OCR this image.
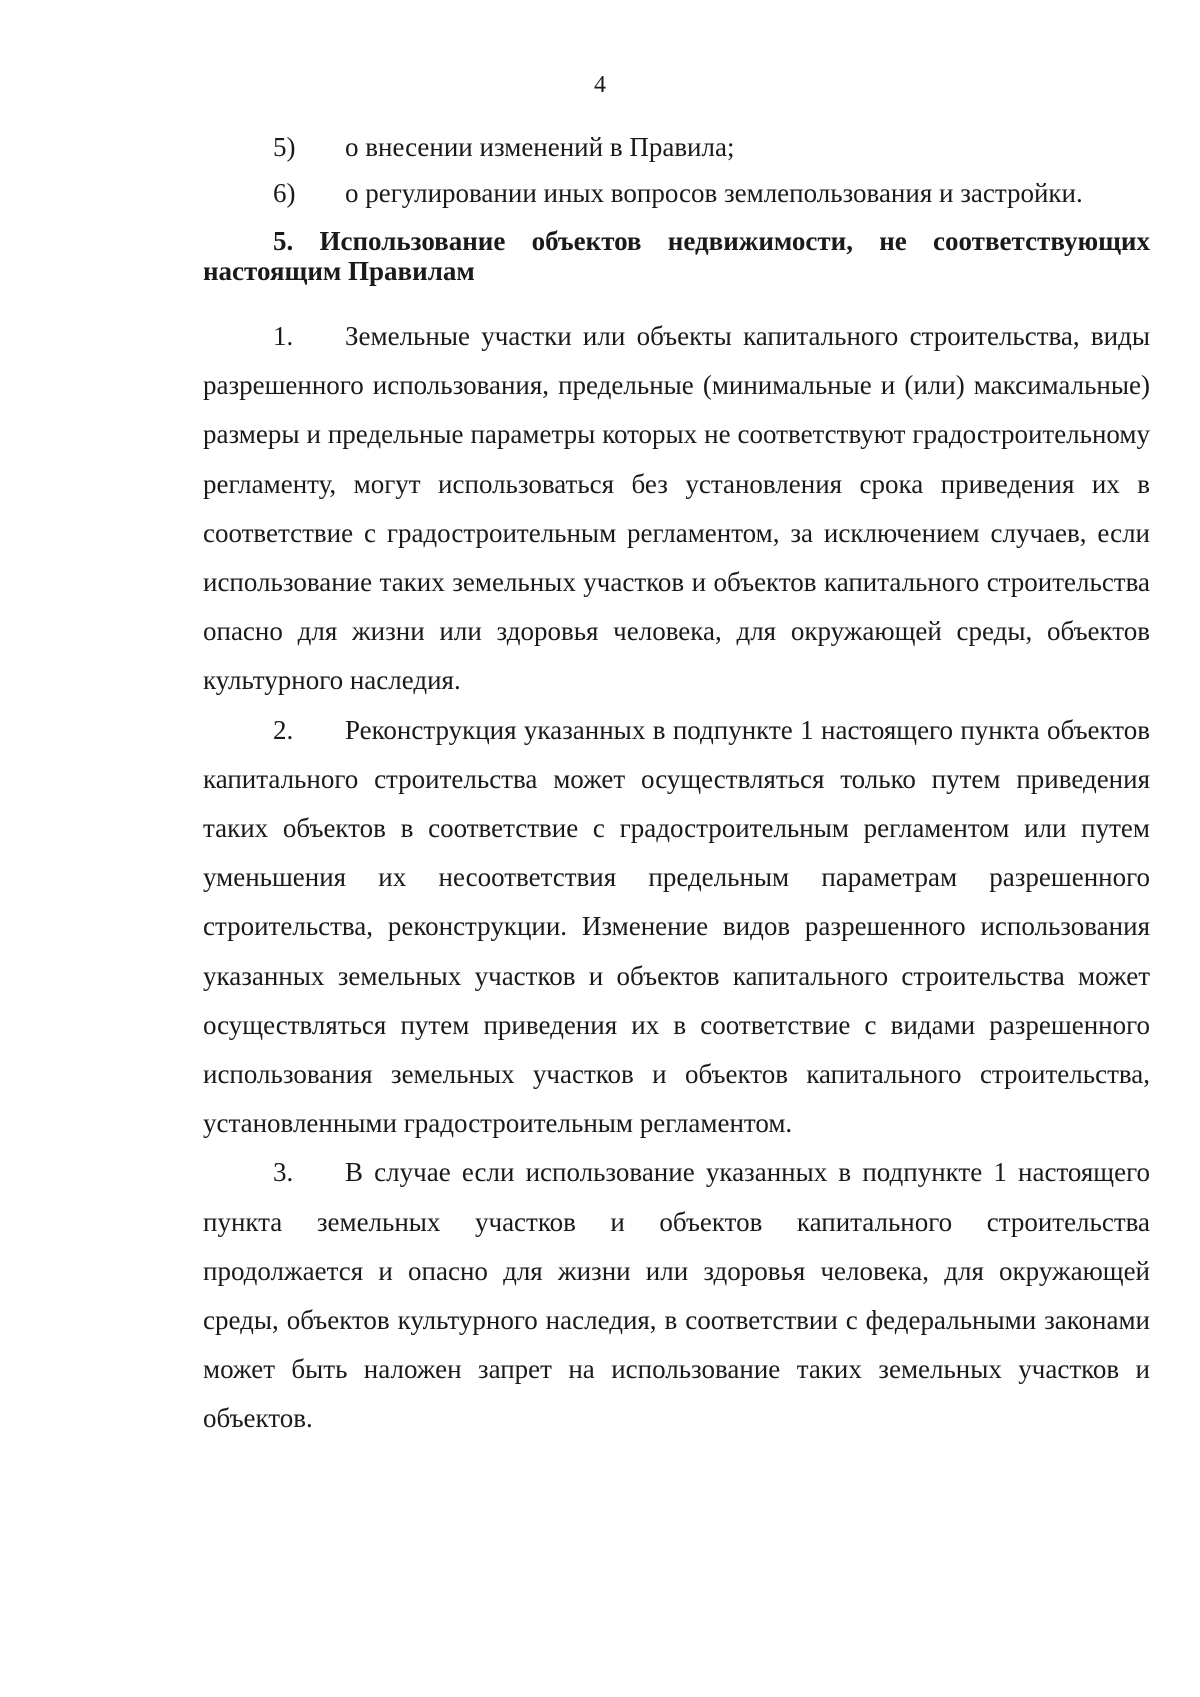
4
5) о внесении изменений в Правила;
6) о регулировании иных вопросов землепользования и застройки.
5. Использование объектов недвижимости, не соответствующих настоящим Правилам

1. Земельные участки или объекты капитального строительства, виды разрешенного использования, предельные (минимальные и (или) максимальные) размеры и предельные параметры которых не соответствуют градостроительному регламенту, могут использоваться без установления срока приведения их в соответствие с градостроительным регламентом, за исключением случаев, если использование таких земельных участков и объектов капитального строительства опасно для жизни или здоровья человека, для окружающей среды, объектов культурного наследия.

2. Реконструкция указанных в подпункте 1 настоящего пункта объектов капитального строительства может осуществляться только путем приведения таких объектов в соответствие с градостроительным регламентом или путем уменьшения их несоответствия предельным параметрам разрешенного строительства, реконструкции. Изменение видов разрешенного использования указанных земельных участков и объектов капитального строительства может осуществляться путем приведения их в соответствие с видами разрешенного использования земельных участков и объектов капитального строительства, установленными градостроительным регламентом.

3. В случае если использование указанных в подпункте 1 настоящего пункта земельных участков и объектов капитального строительства продолжается и опасно для жизни или здоровья человека, для окружающей среды, объектов культурного наследия, в соответствии с федеральными законами может быть наложен запрет на использование таких земельных участков и объектов.
